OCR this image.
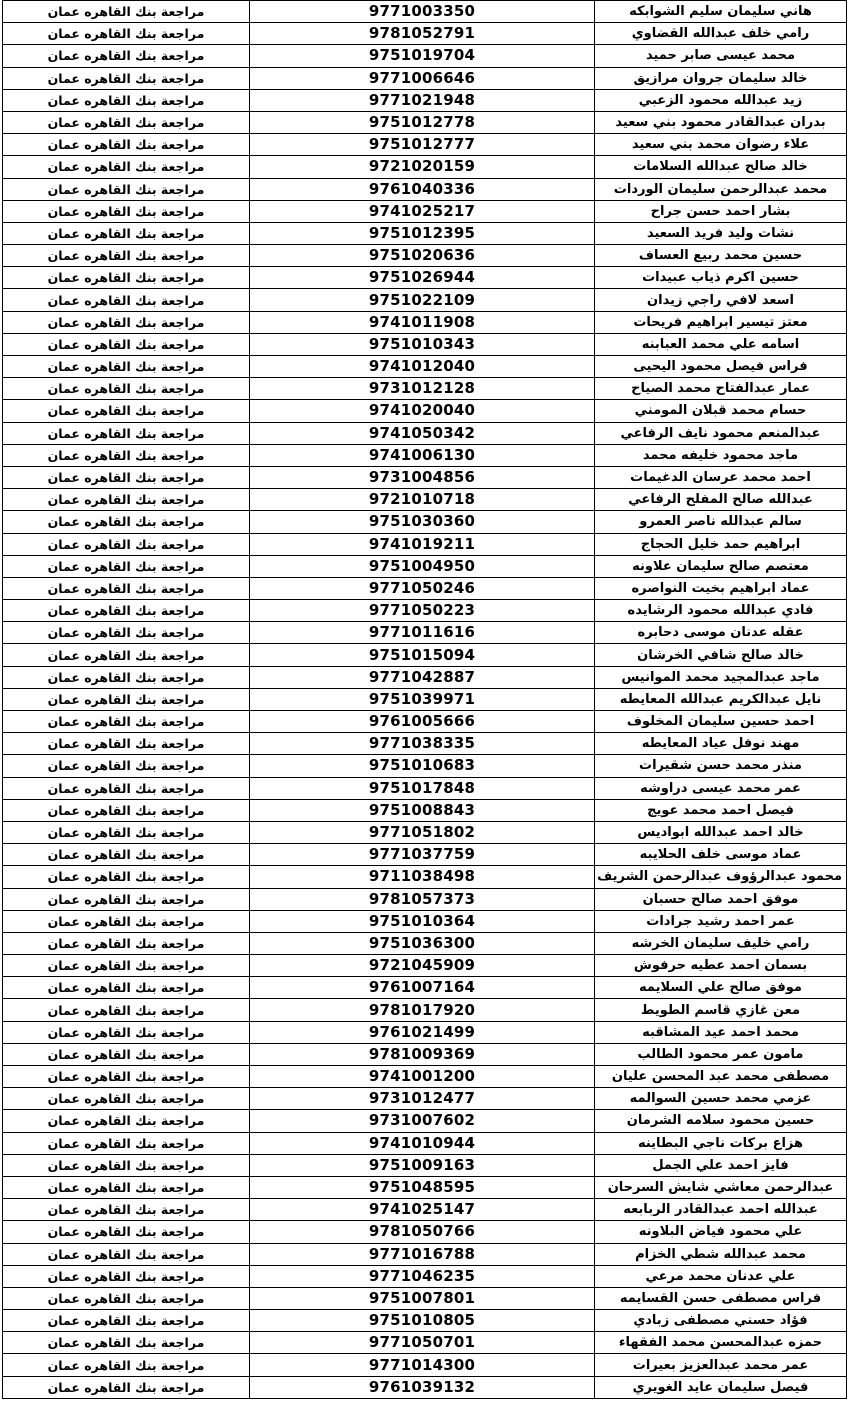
مراجعة بنك القاهره عمان	9771003350	هاني سليمان سليم الشوابكه
مراجعة بنك القاهره عمان	9781052791	رامي خلف عبدالله القضاوي
مراجعة بنك القاهره عمان	9751019704	محمد عيسى صابر حميد
مراجعة بنك القاهره عمان	9771006646	خالد سليمان جروان مرازيق
مراجعة بنك القاهره عمان	9771021948	زيد عبدالله محمود الزعبي
مراجعة بنك القاهره عمان	9751012778	بدران عبدالقادر محمود بني سعيد
مراجعة بنك القاهره عمان	9751012777	علاء رضوان محمد بني سعيد
مراجعة بنك القاهره عمان	9721020159	خالد صالح عبدالله السلامات
مراجعة بنك القاهره عمان	9761040336	محمد عبدالرحمن سليمان الوردات
مراجعة بنك القاهره عمان	9741025217	بشار احمد حسن جراح
مراجعة بنك القاهره عمان	9751012395	نشات وليد فريد السعيد
مراجعة بنك القاهره عمان	9751020636	حسين محمد ربيع العساف
مراجعة بنك القاهره عمان	9751026944	حسين اكرم ذياب عبيدات
مراجعة بنك القاهره عمان	9751022109	اسعد لافي راجي زيدان
مراجعة بنك القاهره عمان	9741011908	معتز تيسير ابراهيم فريحات
مراجعة بنك القاهره عمان	9751010343	اسامه علي محمد العبابنه
مراجعة بنك القاهره عمان	9741012040	فراس فيصل محمود اليحيى
مراجعة بنك القاهره عمان	9731012128	عمار عبدالفتاح محمد الصياح
مراجعة بنك القاهره عمان	9741020040	حسام محمد قبلان المومني
مراجعة بنك القاهره عمان	9741050342	عبدالمنعم محمود نايف الرفاعي
مراجعة بنك القاهره عمان	9741006130	ماجد محمود خليفه محمد
مراجعة بنك القاهره عمان	9731004856	احمد محمد عرسان الدغيمات
مراجعة بنك القاهره عمان	9721010718	عبدالله صالح المفلح الرفاعي
مراجعة بنك القاهره عمان	9751030360	سالم عبدالله ناصر العمرو
مراجعة بنك القاهره عمان	9741019211	ابراهيم حمد خليل الحجاج
مراجعة بنك القاهره عمان	9751004950	معتصم صالح سليمان علاونه
مراجعة بنك القاهره عمان	9771050246	عماد ابراهيم بخيت النواصره
مراجعة بنك القاهره عمان	9771050223	فادي عبدالله محمود الرشايده
مراجعة بنك القاهره عمان	9771011616	عقله عدنان موسى دحابره
مراجعة بنك القاهره عمان	9751015094	خالد صالح شافي الخرشان
مراجعة بنك القاهره عمان	9771042887	ماجد عبدالمجيد محمد الموانيس
مراجعة بنك القاهره عمان	9751039971	نايل عبدالكريم عبدالله المعايطه
مراجعة بنك القاهره عمان	9761005666	احمد حسين سليمان المخلوف
مراجعة بنك القاهره عمان	9771038335	مهند نوفل عياد المعايطه
مراجعة بنك القاهره عمان	9751010683	منذر محمد حسن شقيرات
مراجعة بنك القاهره عمان	9751017848	عمر محمد عيسى دراوشه
مراجعة بنك القاهره عمان	9751008843	فيصل احمد محمد عويج
مراجعة بنك القاهره عمان	9771051802	خالد احمد عبدالله ابواديس
مراجعة بنك القاهره عمان	9771037759	عماد موسى خلف الحلايبه
مراجعة بنك القاهره عمان	9711038498	محمود عبدالرؤوف عبدالرحمن الشريف
مراجعة بنك القاهره عمان	9781057373	موفق احمد صالح حسبان
مراجعة بنك القاهره عمان	9751010364	عمر احمد رشيد جرادات
مراجعة بنك القاهره عمان	9751036300	رامي خليف سليمان الخرشه
مراجعة بنك القاهره عمان	9721045909	بسمان احمد عطيه حرفوش
مراجعة بنك القاهره عمان	9761007164	موفق صالح علي السلايمه
مراجعة بنك القاهره عمان	9781017920	معن غازي قاسم الطويط
مراجعة بنك القاهره عمان	9761021499	محمد احمد عيد المشاقبه
مراجعة بنك القاهره عمان	9781009369	مامون عمر محمود الطالب
مراجعة بنك القاهره عمان	9741001200	مصطفى محمد عبد المحسن عليان
مراجعة بنك القاهره عمان	9731012477	عزمي محمد حسين السوالمه
مراجعة بنك القاهره عمان	9731007602	حسين محمود سلامه الشرمان
مراجعة بنك القاهره عمان	9741010944	هزاع بركات ناجي البطاينه
مراجعة بنك القاهره عمان	9751009163	فايز احمد علي الجمل
مراجعة بنك القاهره عمان	9751048595	عبدالرحمن معاشي شايش السرحان
مراجعة بنك القاهره عمان	9741025147	عبدالله احمد عبدالقادر الربابعه
مراجعة بنك القاهره عمان	9781050766	علي محمود فياض البلاونه
مراجعة بنك القاهره عمان	9771016788	محمد عبدالله شطي الخزام
مراجعة بنك القاهره عمان	9771046235	علي عدنان محمد مرعي
مراجعة بنك القاهره عمان	9751007801	فراس مصطفى حسن القسايمه
مراجعة بنك القاهره عمان	9751010805	فؤاد حسني مصطفى زبادي
مراجعة بنك القاهره عمان	9771050701	حمزه عبدالمحسن محمد الفقهاء
مراجعة بنك القاهره عمان	9771014300	عمر محمد عبدالعزيز بعيرات
مراجعة بنك القاهره عمان	9761039132	فيصل سليمان عايد الغويري
